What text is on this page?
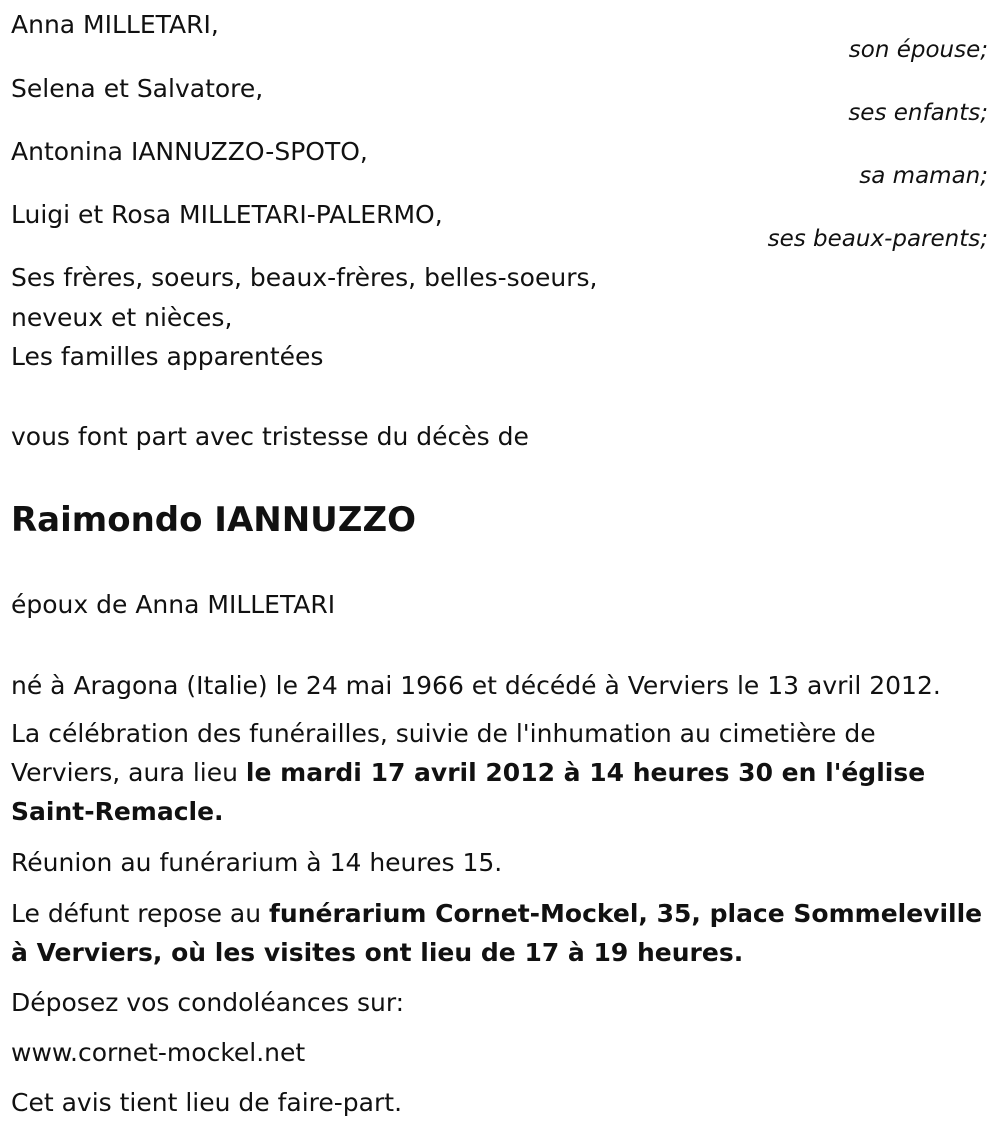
Anna MILLETARI,
son épouse;
Selena et Salvatore,
ses enfants;
Antonina IANNUZZO-SPOTO,
sa maman;
Luigi et Rosa MILLETARI-PALERMO,
ses beaux-parents;
Ses frères, soeurs, beaux-frères, belles-soeurs,
neveux et nièces,
Les familles apparentées
vous font part avec tristesse du décès de
Raimondo IANNUZZO
époux de Anna MILLETARI
né à Aragona (Italie) le 24 mai 1966 et décédé à Verviers le 13 avril 2012.
La célébration des funérailles, suivie de l'inhumation au cimetière de Verviers, aura lieu le mardi 17 avril 2012 à 14 heures 30 en l'église Saint-Remacle.
Réunion au funérarium à 14 heures 15.
Le défunt repose au funérarium Cornet-Mockel, 35, place Sommeleville à Verviers, où les visites ont lieu de 17 à 19 heures.
Déposez vos condoléances sur:
www.cornet-mockel.net
Cet avis tient lieu de faire-part.
